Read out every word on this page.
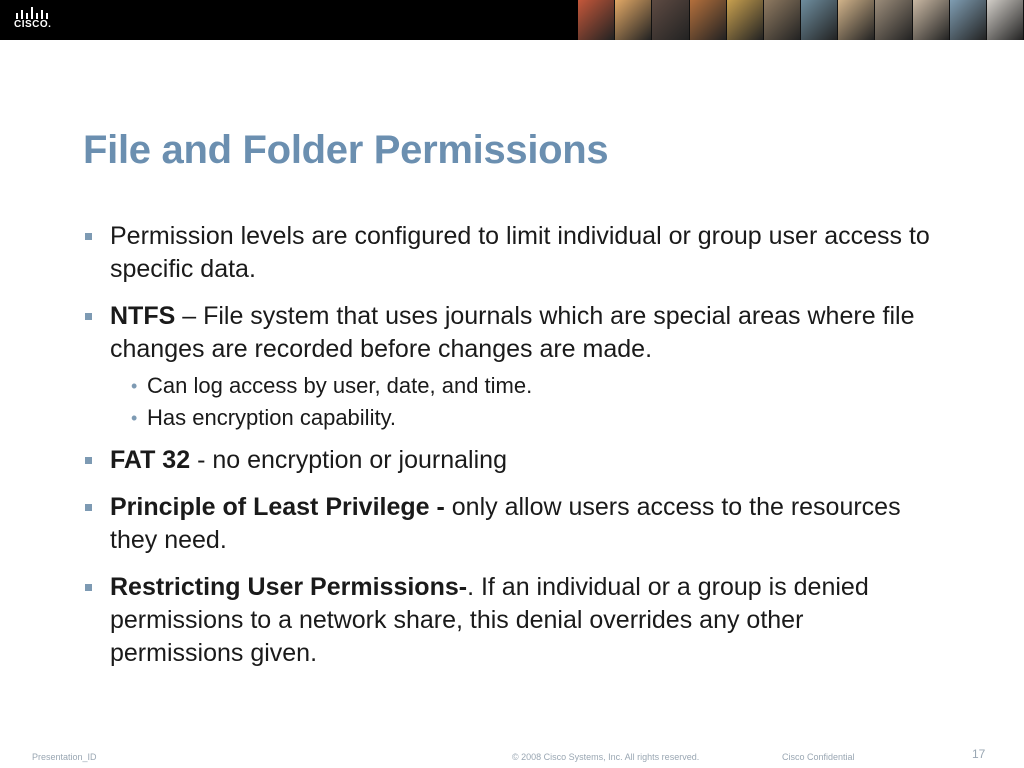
CISCO.
File and Folder Permissions
Permission levels are configured to limit individual or group user access to specific data.
NTFS – File system that uses journals which are special areas where file changes are recorded before changes are made.
• Can log access by user, date, and time.
• Has encryption capability.
FAT 32 - no encryption or journaling
Principle of Least Privilege - only allow users access to the resources they need.
Restricting User Permissions-. If an individual or a group is denied permissions to a network share, this denial overrides any other permissions given.
Presentation_ID	© 2008 Cisco Systems, Inc. All rights reserved.	Cisco Confidential	17
